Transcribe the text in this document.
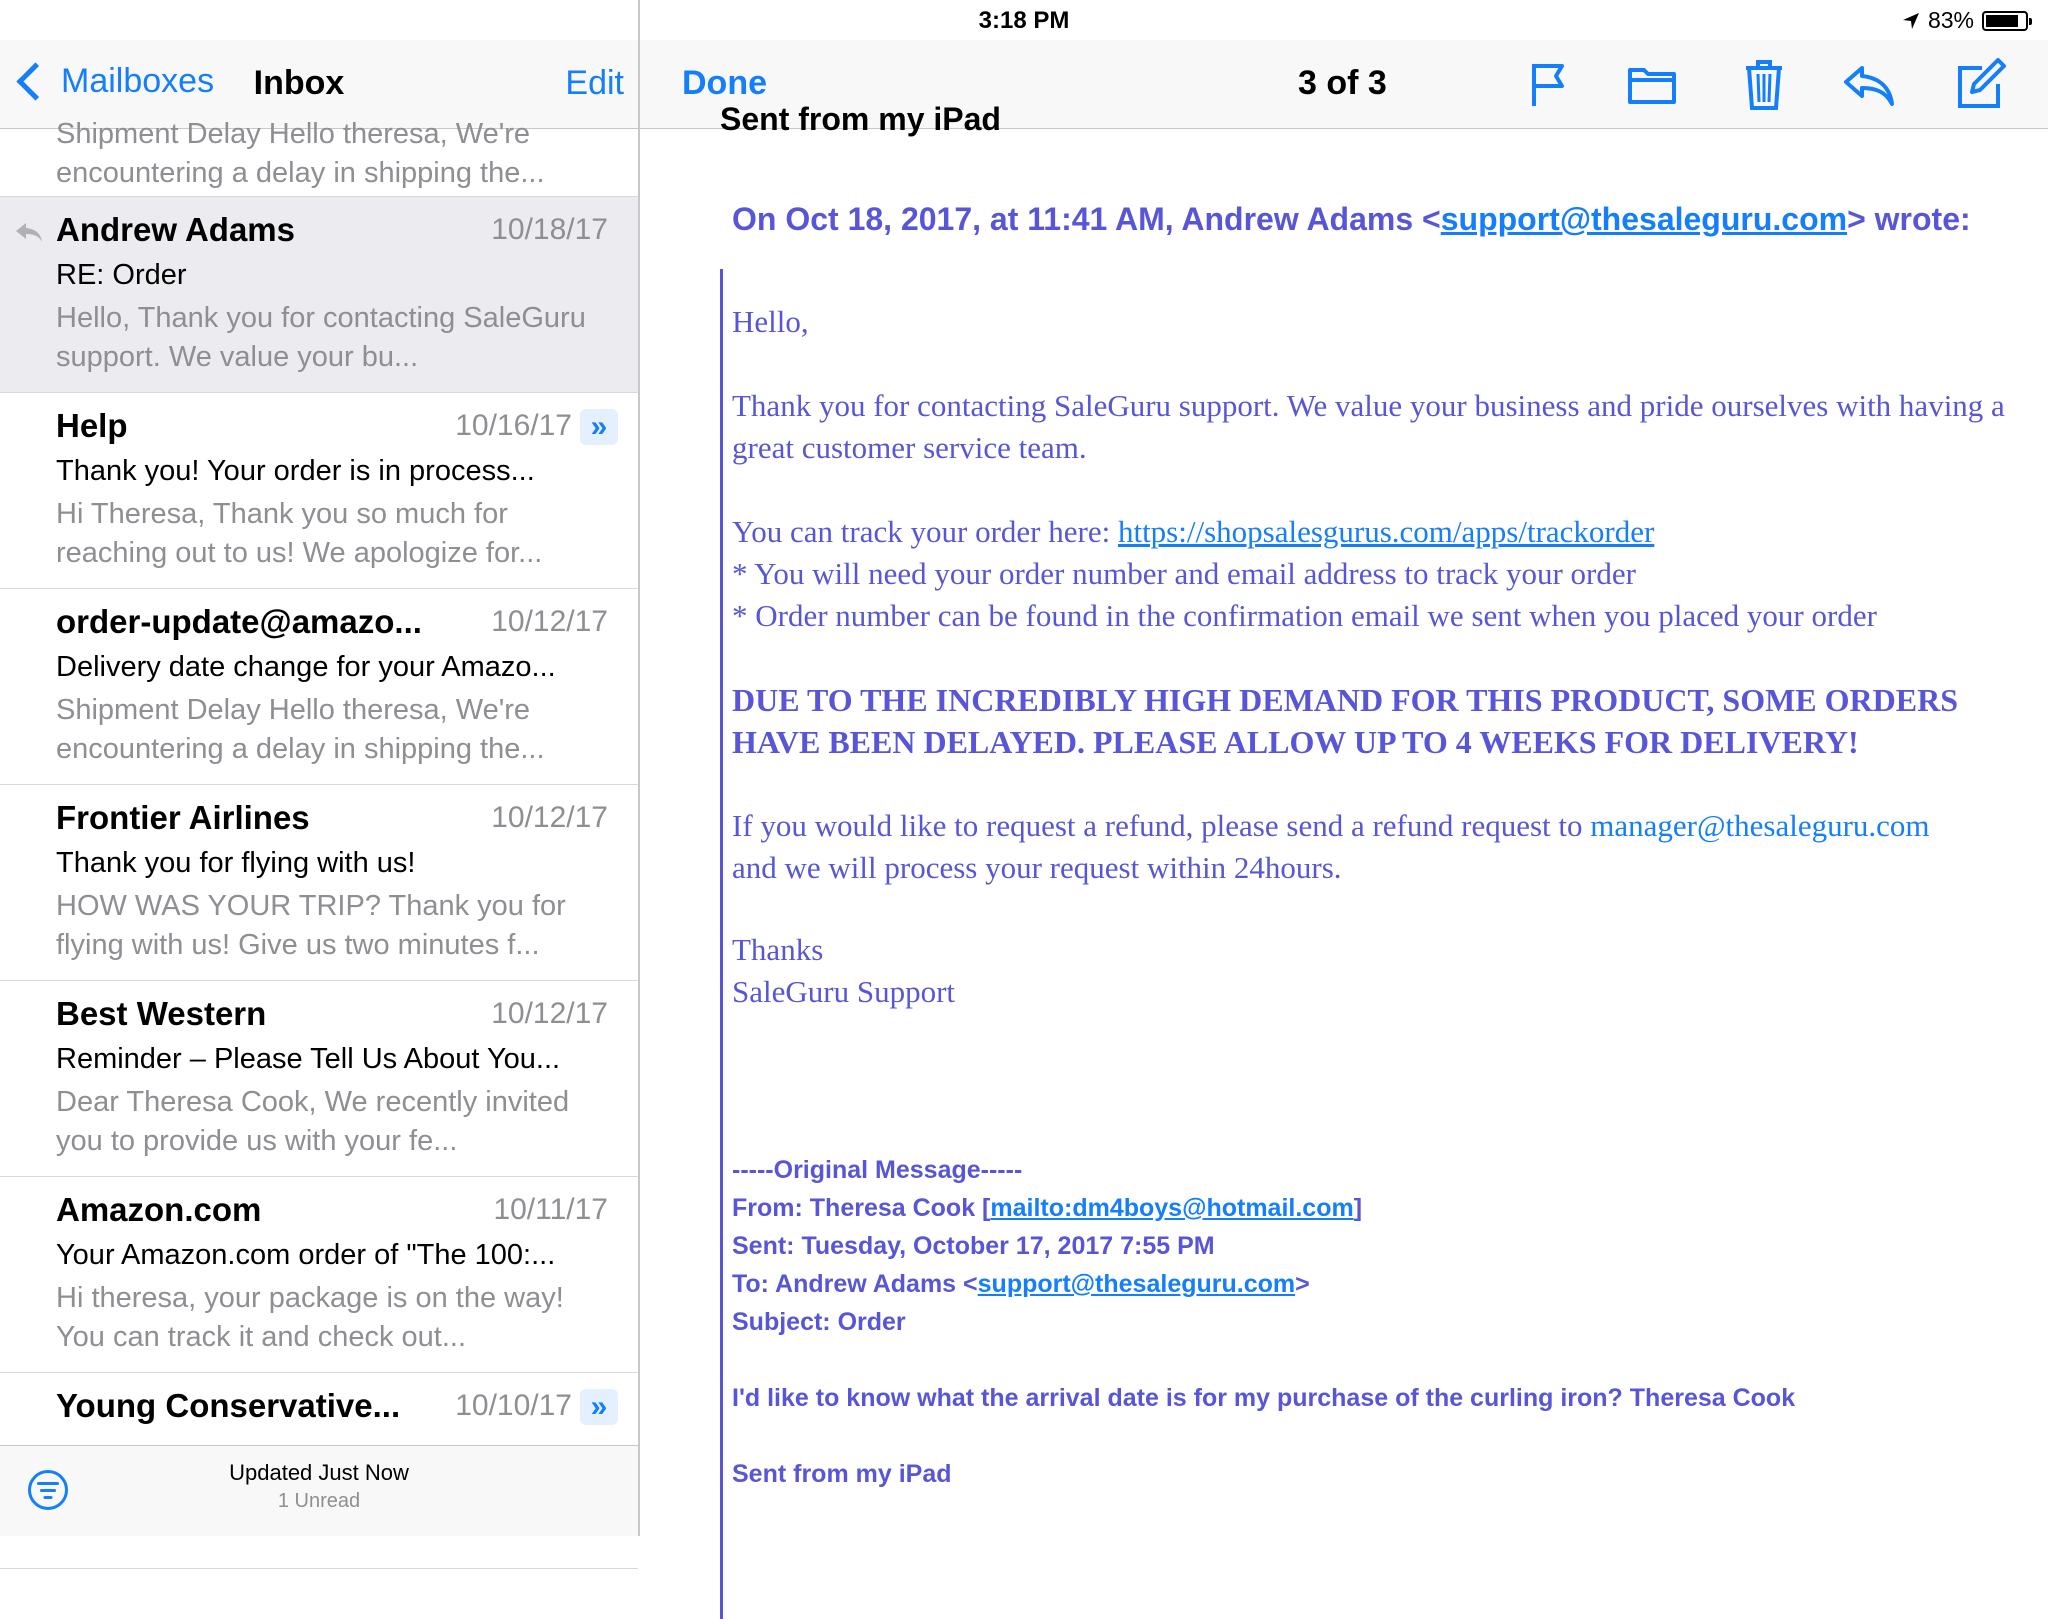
3:18 PM	83%
Mailboxes	Inbox	Edit
Shipment Delay Hello theresa, We're encountering a delay in shipping the...
Andrew Adams	10/18/17
RE: Order
Hello, Thank you for contacting SaleGuru support. We value your bu...
Help	10/16/17 »
Thank you! Your order is in process...
Hi Theresa, Thank you so much for reaching out to us! We apologize for...
order-update@amazo... 10/12/17
Delivery date change for your Amazo...
Shipment Delay Hello theresa, We're encountering a delay in shipping the...
Frontier Airlines	10/12/17
Thank you for flying with us!
HOW WAS YOUR TRIP? Thank you for flying with us! Give us two minutes f...
Best Western	10/12/17
Reminder – Please Tell Us About You...
Dear Theresa Cook, We recently invited you to provide us with your fe...
Amazon.com	10/11/17
Your Amazon.com order of "The 100:...
Hi theresa, your package is on the way! You can track it and check out...
Young Conservative... 10/10/17 »
Updated Just Now
1 Unread
Done	3 of 3
Sent from my iPad
On Oct 18, 2017, at 11:41 AM, Andrew Adams <support@thesaleguru.com> wrote:
Hello,
Thank you for contacting SaleGuru support. We value your business and pride ourselves with having a great customer service team.
You can track your order here: https://shopsalesgurus.com/apps/trackorder
* You will need your order number and email address to track your order
* Order number can be found in the confirmation email we sent when you placed your order
DUE TO THE INCREDIBLY HIGH DEMAND FOR THIS PRODUCT, SOME ORDERS HAVE BEEN DELAYED. PLEASE ALLOW UP TO 4 WEEKS FOR DELIVERY!
If you would like to request a refund, please send a refund request to manager@thesaleguru.com
and we will process your request within 24hours.
Thanks
SaleGuru Support
-----Original Message-----
From: Theresa Cook [mailto:dm4boys@hotmail.com]
Sent: Tuesday, October 17, 2017 7:55 PM
To: Andrew Adams <support@thesaleguru.com>
Subject: Order
I'd like to know what the arrival date is for my purchase of the curling iron? Theresa Cook
Sent from my iPad
